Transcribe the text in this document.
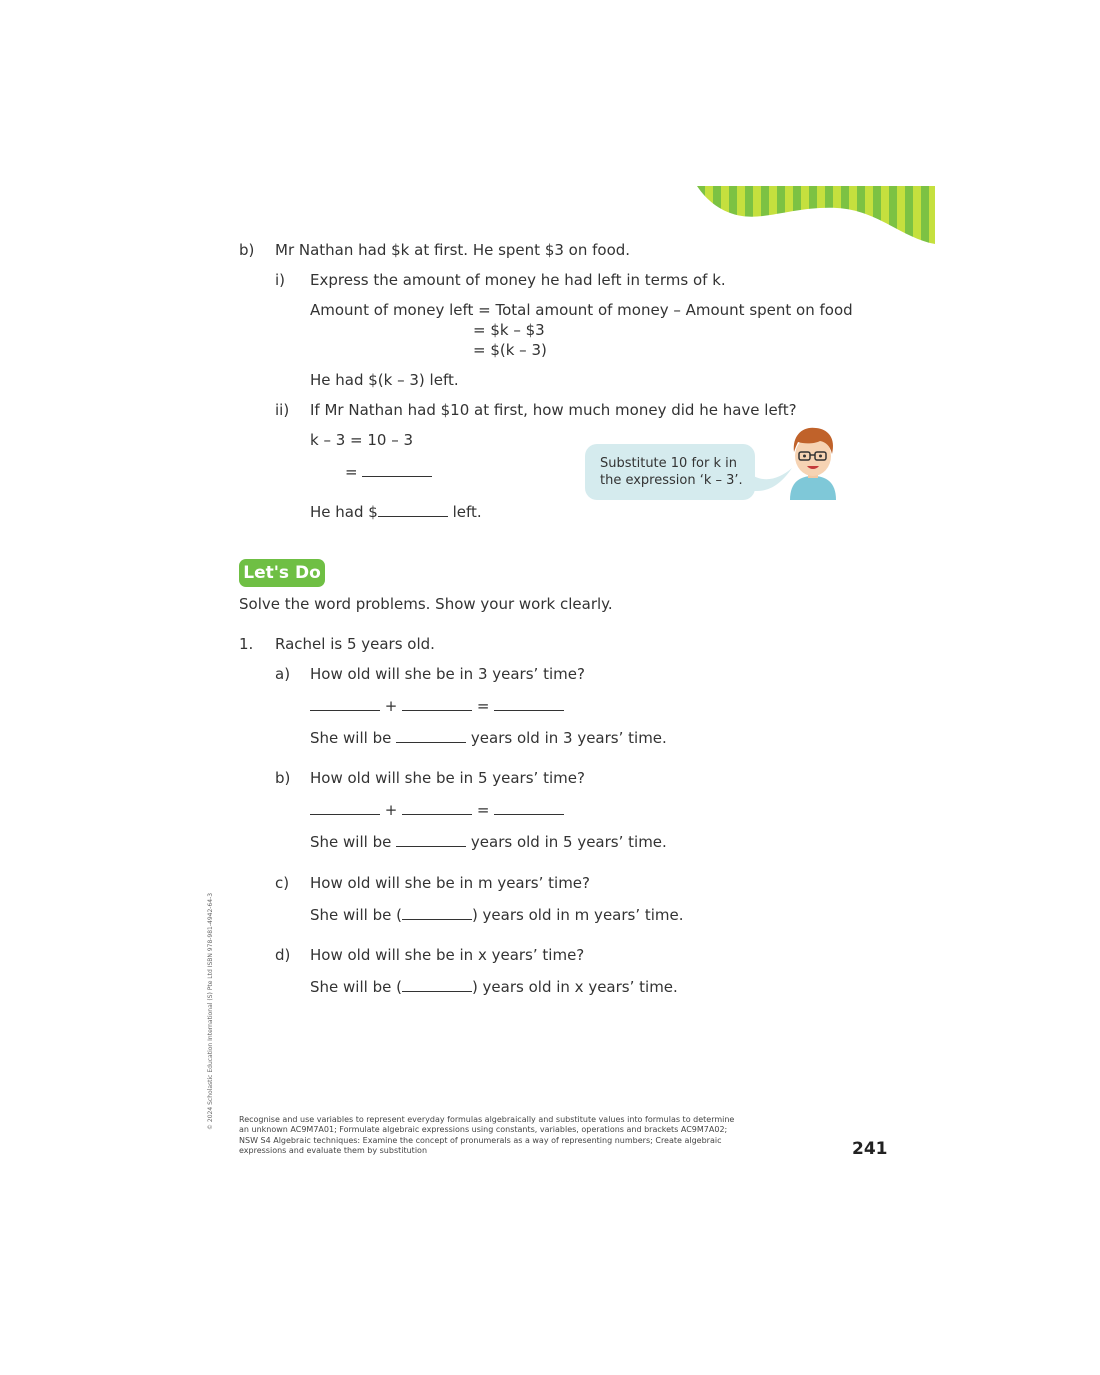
b) Mr Nathan had $k at first. He spent $3 on food.
i) Express the amount of money he had left in terms of k.
Amount of money left = Total amount of money – Amount spent on food
= $k – $3
= $(k – 3)
He had $(k – 3) left.
ii) If Mr Nathan had $10 at first, how much money did he have left?
k – 3 = 10 – 3
=
He had $	left.
Substitute 10 for k in
the expression ‘k – 3’.
Let's Do
Solve the word problems. Show your work clearly.
1. Rachel is 5 years old.
a) How old will she be in 3 years’ time?
+	=
She will be	years old in 3 years’ time.
b) How old will she be in 5 years’ time?
+	=
She will be	years old in 5 years’ time.
c) How old will she be in m years’ time?
She will be (	) years old in m years’ time.
d) How old will she be in x years’ time?
She will be (	) years old in x years’ time.
Recognise and use variables to represent everyday formulas algebraically and substitute values into formulas to determine an unknown AC9M7A01; Formulate algebraic expressions using constants, variables, operations and brackets AC9M7A02; NSW S4 Algebraic techniques: Examine the concept of pronumerals as a way of representing numbers; Create algebraic expressions and evaluate them by substitution	241
© 2024 Scholastic Education International (S) Pte Ltd ISBN 978-981-4942-64-3
